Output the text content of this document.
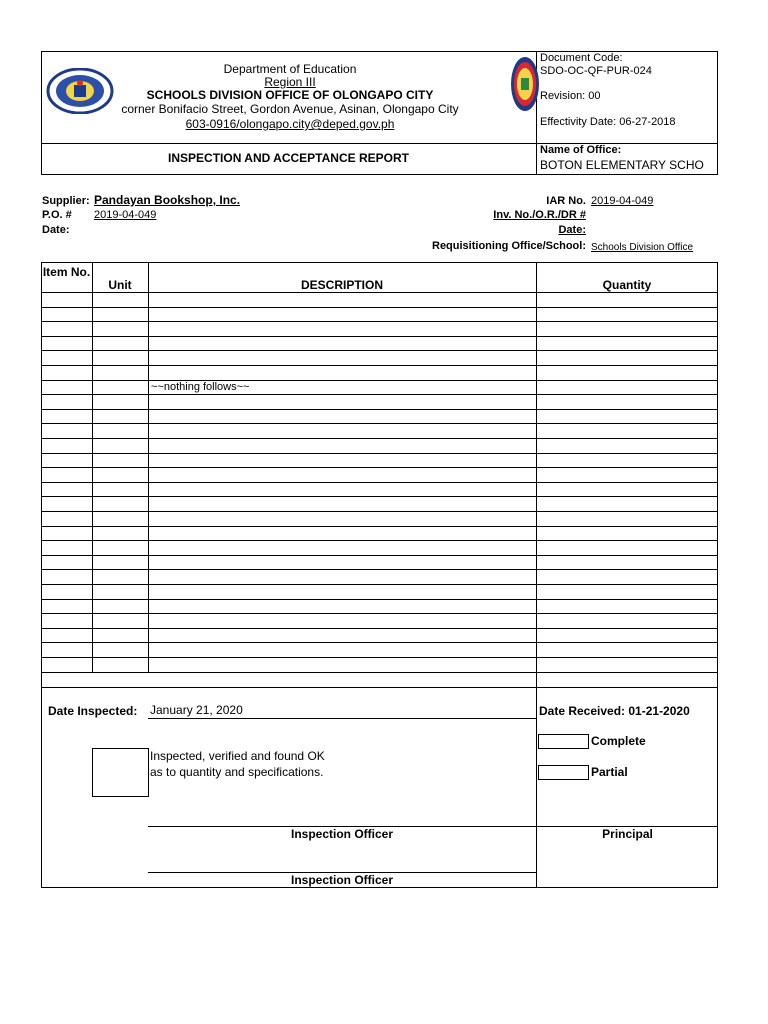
Department of Education
Region III
SCHOOLS DIVISION OFFICE OF OLONGAPO CITY
corner Bonifacio Street, Gordon Avenue, Asinan, Olongapo City
603-0916/olongapo.city@deped.gov.ph
Document Code:
SDO-OC-QF-PUR-024
Revision: 00
Effectivity Date: 06-27-2018
INSPECTION AND ACCEPTANCE REPORT
Name of Office:
BOTON ELEMENTARY SCHO
Supplier: Pandayan Bookshop, Inc.
P.O. # 2019-04-049
Date:
IAR No. 2019-04-049
Inv. No./O.R./DR #
Date:
Requisitioning Office/School: Schools Division Office
Item No.
Unit	DESCRIPTION	Quantity
~~nothing follows~~
Date Inspected: January 21, 2020
Inspected, verified and found OK
as to quantity and specifications.
Inspection Officer
Inspection Officer
Date Received: 01-21-2020
Complete
Partial
Principal
